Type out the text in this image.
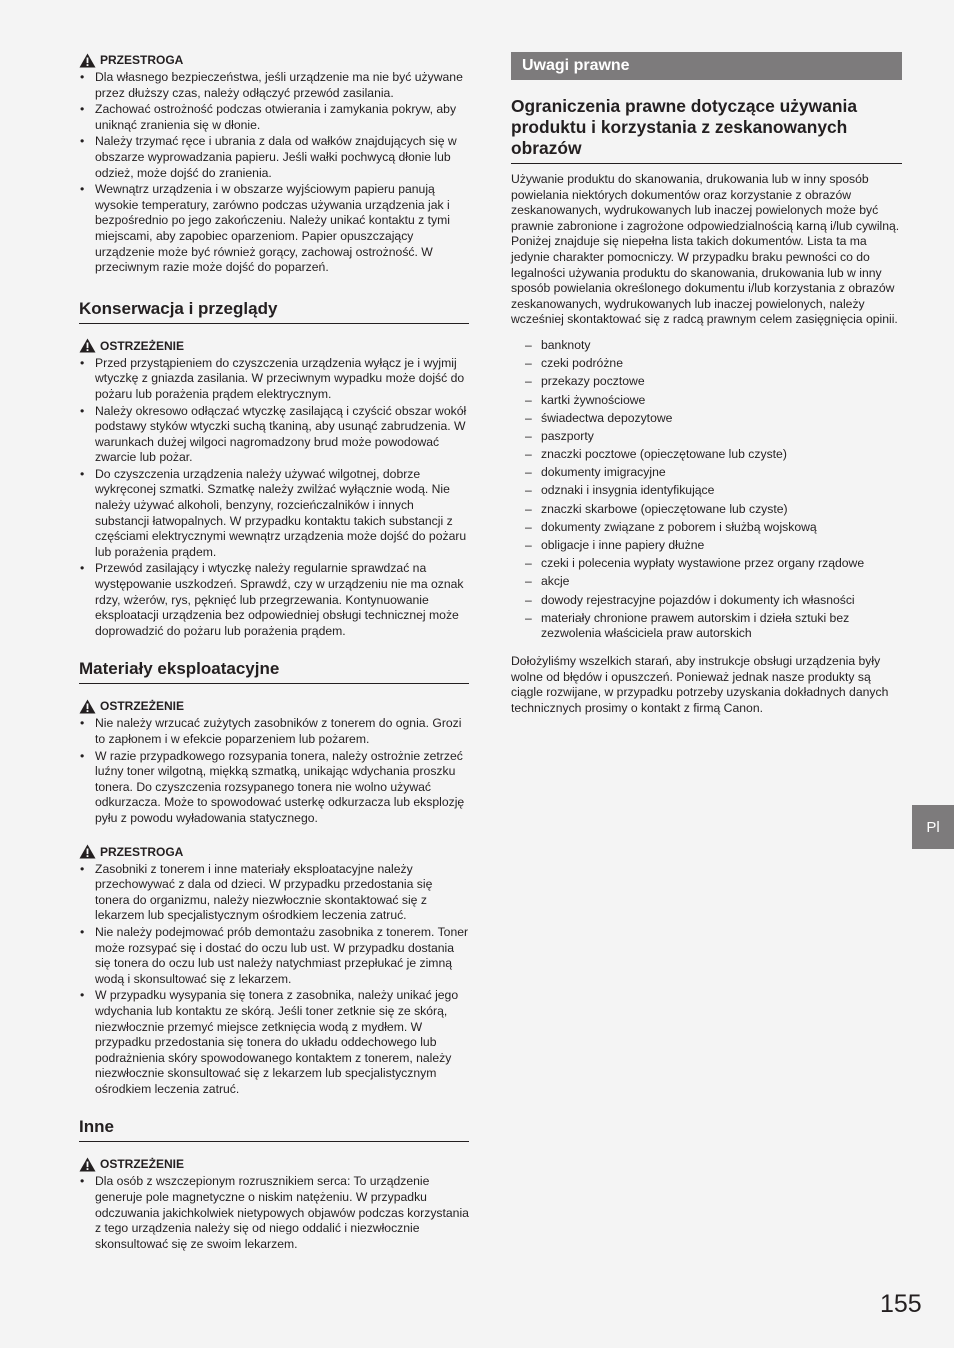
PRZESTROGA
• Dla własnego bezpieczeństwa, jeśli urządzenie ma nie być używane przez dłuższy czas, należy odłączyć przewód zasilania.
• Zachować ostrożność podczas otwierania i zamykania pokryw, aby uniknąć zranienia się w dłonie.
• Należy trzymać ręce i ubrania z dala od wałków znajdujących się w obszarze wyprowadzania papieru. Jeśli wałki pochwycą dłonie lub odzież, może dojść do zranienia.
• Wewnątrz urządzenia i w obszarze wyjściowym papieru panują wysokie temperatury, zarówno podczas używania urządzenia jak i bezpośrednio po jego zakończeniu. Należy unikać kontaktu z tymi miejscami, aby zapobiec oparzeniom. Papier opuszczający urządzenie może być również gorący, zachowaj ostrożność. W przeciwnym razie może dojść do poparzeń.
Konserwacja i przeglądy
OSTRZEŻENIE
• Przed przystąpieniem do czyszczenia urządzenia wyłącz je i wyjmij wtyczkę z gniazda zasilania. W przeciwnym wypadku może dojść do pożaru lub porażenia prądem elektrycznym.
• Należy okresowo odłączać wtyczkę zasilającą i czyścić obszar wokół podstawy styków wtyczki suchą tkaniną, aby usunąć zabrudzenia. W warunkach dużej wilgoci nagromadzony brud może powodować zwarcie lub pożar.
• Do czyszczenia urządzenia należy używać wilgotnej, dobrze wykręconej szmatki. Szmatkę należy zwilżać wyłącznie wodą. Nie należy używać alkoholi, benzyny, rozcieńczalników i innych substancji łatwopalnych. W przypadku kontaktu takich substancji z częściami elektrycznymi wewnątrz urządzenia może dojść do pożaru lub porażenia prądem.
• Przewód zasilający i wtyczkę należy regularnie sprawdzać na występowanie uszkodzeń. Sprawdź, czy w urządzeniu nie ma oznak rdzy, wżerów, rys, pęknięć lub przegrzewania. Kontynuowanie eksploatacji urządzenia bez odpowiedniej obsługi technicznej może doprowadzić do pożaru lub porażenia prądem.
Materiały eksploatacyjne
OSTRZEŻENIE
• Nie należy wrzucać zużytych zasobników z tonerem do ognia. Grozi to zapłonem i w efekcie poparzeniem lub pożarem.
• W razie przypadkowego rozsypania tonera, należy ostrożnie zetrzeć luźny toner wilgotną, miękką szmatką, unikając wdychania proszku tonera. Do czyszczenia rozsypanego tonera nie wolno używać odkurzacza. Może to spowodować usterkę odkurzacza lub eksplozję pyłu z powodu wyładowania statycznego.
PRZESTROGA
• Zasobniki z tonerem i inne materiały eksploatacyjne należy przechowywać z dala od dzieci. W przypadku przedostania się tonera do organizmu, należy niezwłocznie skontaktować się z lekarzem lub specjalistycznym ośrodkiem leczenia zatruć.
• Nie należy podejmować prób demontażu zasobnika z tonerem. Toner może rozsypać się i dostać do oczu lub ust. W przypadku dostania się tonera do oczu lub ust należy natychmiast przepłukać je zimną wodą i skonsultować się z lekarzem.
• W przypadku wysypania się tonera z zasobnika, należy unikać jego wdychania lub kontaktu ze skórą. Jeśli toner zetknie się ze skórą, niezwłocznie przemyć miejsce zetknięcia wodą z mydłem. W przypadku przedostania się tonera do układu oddechowego lub podrażnienia skóry spowodowanego kontaktem z tonerem, należy niezwłocznie skonsultować się z lekarzem lub specjalistycznym ośrodkiem leczenia zatruć.
Inne
OSTRZEŻENIE
• Dla osób z wszczepionym rozrusznikiem serca: To urządzenie generuje pole magnetyczne o niskim natężeniu. W przypadku odczuwania jakichkolwiek nietypowych objawów podczas korzystania z tego urządzenia należy się od niego oddalić i niezwłocznie skonsultować się ze swoim lekarzem.
Uwagi prawne
Ograniczenia prawne dotyczące używania produktu i korzystania z zeskanowanych obrazów

Używanie produktu do skanowania, drukowania lub w inny sposób powielania niektórych dokumentów oraz korzystanie z obrazów zeskanowanych, wydrukowanych lub inaczej powielonych może być prawnie zabronione i zagrożone odpowiedzialnością karną i/lub cywilną. Poniżej znajduje się niepełna lista takich dokumentów. Lista ta ma jedynie charakter pomocniczy. W przypadku braku pewności co do legalności używania produktu do skanowania, drukowania lub w inny sposób powielania określonego dokumentu i/lub korzystania z obrazów zeskanowanych, wydrukowanych lub inaczej powielonych, należy wcześniej skontaktować się z radcą prawnym celem zasięgnięcia opinii.

– banknoty
– czeki podróżne
– przekazy pocztowe
– kartki żywnościowe
– świadectwa depozytowe
– paszporty
– znaczki pocztowe (opieczętowane lub czyste)
– dokumenty imigracyjne
– odznaki i insygnia identyfikujące
– znaczki skarbowe (opieczętowane lub czyste)
– dokumenty związane z poborem i służbą wojskową
– obligacje i inne papiery dłużne
– czeki i polecenia wypłaty wystawione przez organy rządowe
– akcje
– dowody rejestracyjne pojazdów i dokumenty ich własności
– materiały chronione prawem autorskim i dzieła sztuki bez zezwolenia właściciela praw autorskich

Dołożyliśmy wszelkich starań, aby instrukcje obsługi urządzenia były wolne od błędów i opuszczeń. Ponieważ jednak nasze produkty są ciągle rozwijane, w przypadku potrzeby uzyskania dokładnych danych technicznych prosimy o kontakt z firmą Canon.

Pl
155
